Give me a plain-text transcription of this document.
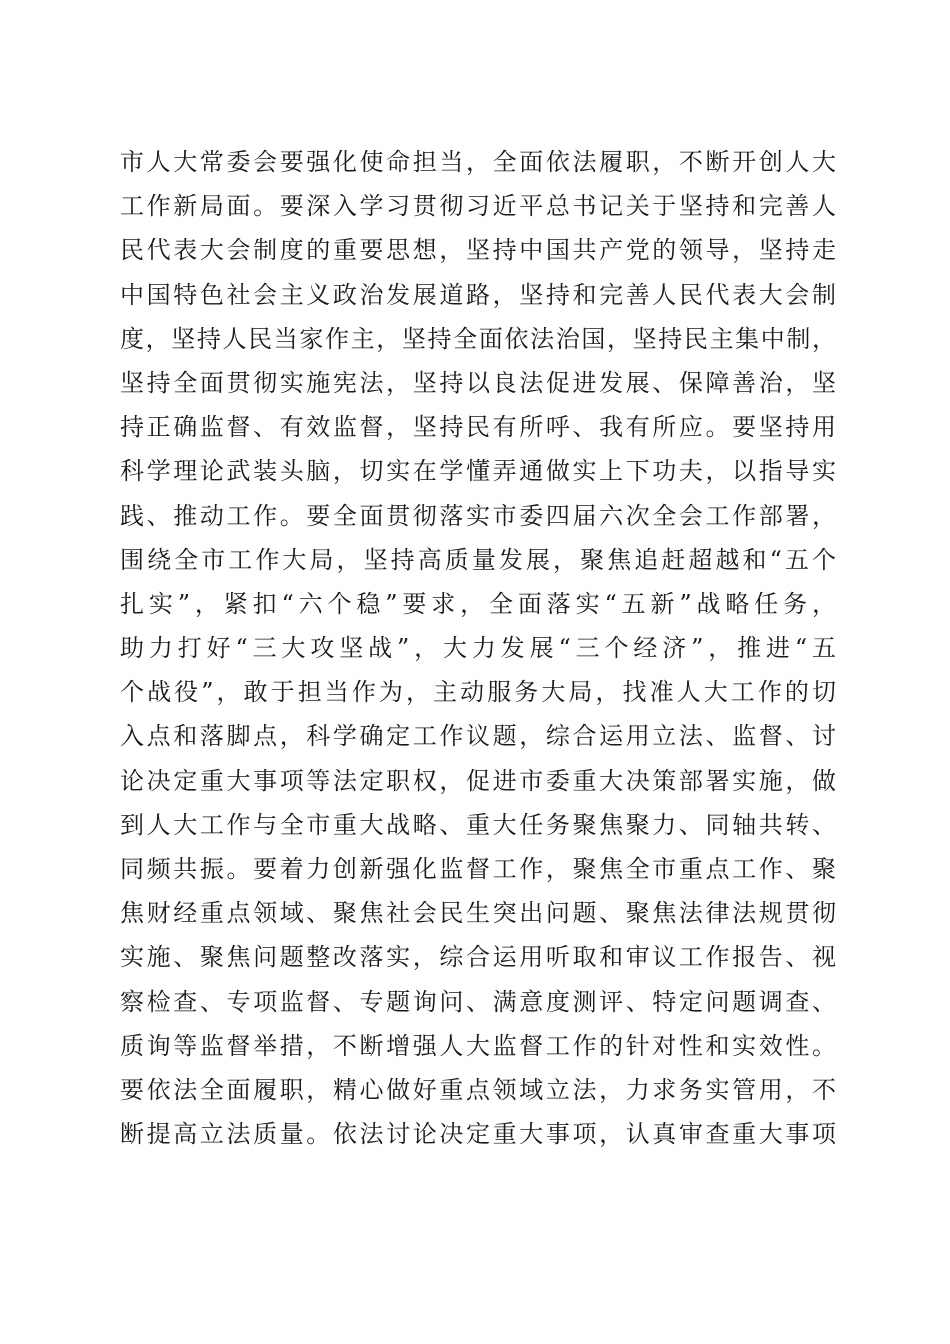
市人大常委会要强化使命担当，全面依法履职，不断开创人大
工作新局面。要深入学习贯彻习近平总书记关于坚持和完善人
民代表大会制度的重要思想，坚持中国共产党的领导，坚持走
中国特色社会主义政治发展道路，坚持和完善人民代表大会制
度，坚持人民当家作主，坚持全面依法治国，坚持民主集中制，
坚持全面贯彻实施宪法，坚持以良法促进发展、保障善治，坚
持正确监督、有效监督，坚持民有所呼、我有所应。要坚持用
科学理论武装头脑，切实在学懂弄通做实上下功夫，以指导实
践、推动工作。要全面贯彻落实市委四届六次全会工作部署，
围绕全市工作大局，坚持高质量发展，聚焦追赶超越和“五个
扎实”，紧扣“六个稳”要求，全面落实“五新”战略任务，
助力打好“三大攻坚战”，大力发展“三个经济”，推进“五
个战役”，敢于担当作为，主动服务大局，找准人大工作的切
入点和落脚点，科学确定工作议题，综合运用立法、监督、讨
论决定重大事项等法定职权，促进市委重大决策部署实施，做
到人大工作与全市重大战略、重大任务聚焦聚力、同轴共转、
同频共振。要着力创新强化监督工作，聚焦全市重点工作、聚
焦财经重点领域、聚焦社会民生突出问题、聚焦法律法规贯彻
实施、聚焦问题整改落实，综合运用听取和审议工作报告、视
察检查、专项监督、专题询问、满意度测评、特定问题调查、
质询等监督举措，不断增强人大监督工作的针对性和实效性。
要依法全面履职，精心做好重点领域立法，力求务实管用，不
断提高立法质量。依法讨论决定重大事项，认真审查重大事项
